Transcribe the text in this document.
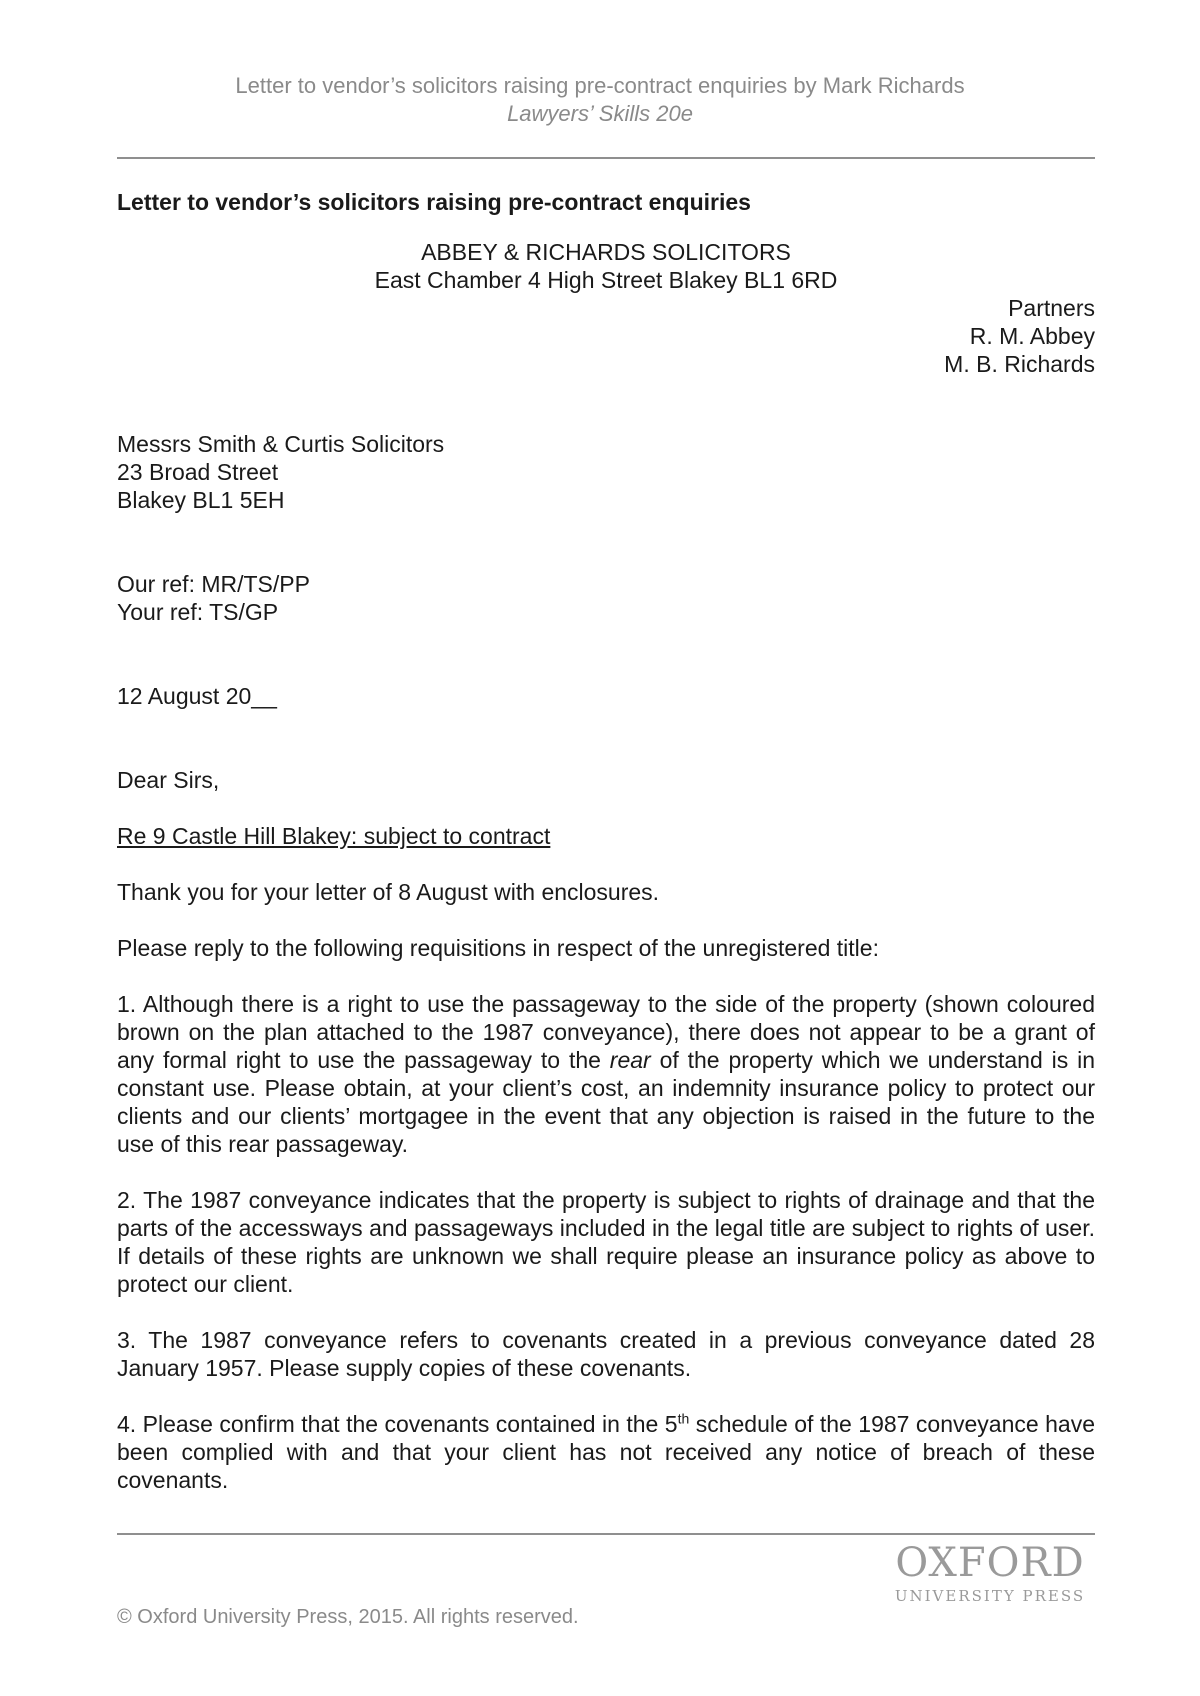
Letter to vendor’s solicitors raising pre-contract enquiries by Mark Richards
Lawyers’ Skills 20e
Letter to vendor’s solicitors raising pre-contract enquiries
ABBEY & RICHARDS SOLICITORS
East Chamber 4 High Street Blakey BL1 6RD
Partners
R. M. Abbey
M. B. Richards

Messrs Smith & Curtis Solicitors

23 Broad Street

Blakey BL1 5EH

Our ref: MR/TS/PP

Your ref: TS/GP

12 August 20__
Dear Sirs,
Re 9 Castle Hill Blakey: subject to contract

Thank you for your letter of 8 August with enclosures.

Please reply to the following requisitions in respect of the unregistered title:

1. Although there is a right to use the passageway to the side of the property (shown coloured brown on the plan attached to the 1987 conveyance), there does not appear to be a grant of any formal right to use the passageway to the rear of the property which we understand is in constant use. Please obtain, at your client’s cost, an indemnity insurance policy to protect our clients and our clients’ mortgagee in the event that any objection is raised in the future to the use of this rear passageway.

2. The 1987 conveyance indicates that the property is subject to rights of drainage and that the parts of the accessways and passageways included in the legal title are subject to rights of user. If details of these rights are unknown we shall require please an insurance policy as above to protect our client.

3. The 1987 conveyance refers to covenants created in a previous conveyance dated 28 January 1957. Please supply copies of these covenants.

4. Please confirm that the covenants contained in the 5th schedule of the 1987 conveyance have been complied with and that your client has not received any notice of breach of these covenants.

OXFORD
UNIVERSITY PRESS
© Oxford University Press, 2015. All rights reserved.
